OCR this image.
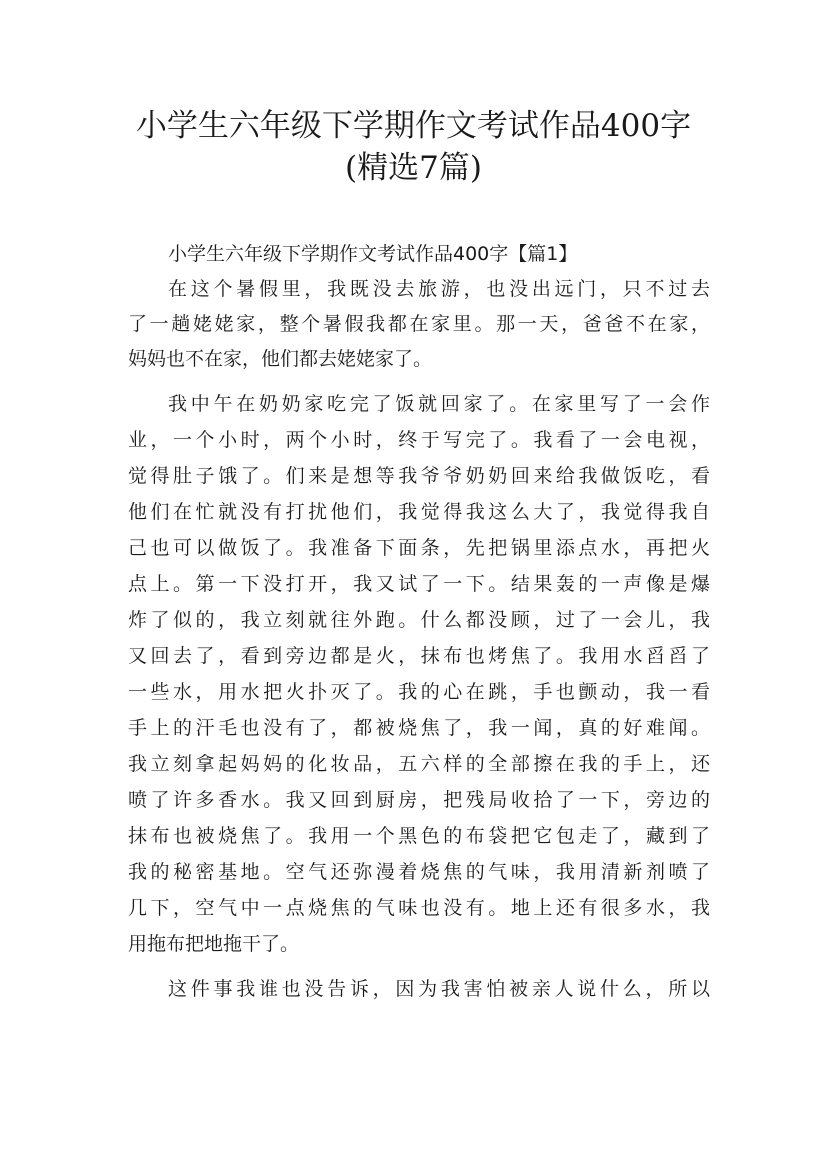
小学生六年级下学期作文考试作品400字
(精选7篇)
小学生六年级下学期作文考试作品400字【篇1】
在这个暑假里，我既没去旅游，也没出远门，只不过去
了一趟姥姥家，整个暑假我都在家里。那一天，爸爸不在家，
妈妈也不在家，他们都去姥姥家了。
我中午在奶奶家吃完了饭就回家了。在家里写了一会作
业，一个小时，两个小时，终于写完了。我看了一会电视，
觉得肚子饿了。们来是想等我爷爷奶奶回来给我做饭吃，看
他们在忙就没有打扰他们，我觉得我这么大了，我觉得我自
己也可以做饭了。我准备下面条，先把锅里添点水，再把火
点上。第一下没打开，我又试了一下。结果轰的一声像是爆
炸了似的，我立刻就往外跑。什么都没顾，过了一会儿，我
又回去了，看到旁边都是火，抹布也烤焦了。我用水舀舀了
一些水，用水把火扑灭了。我的心在跳，手也颤动，我一看
手上的汗毛也没有了，都被烧焦了，我一闻，真的好难闻。
我立刻拿起妈妈的化妆品，五六样的全部擦在我的手上，还
喷了许多香水。我又回到厨房，把残局收拾了一下，旁边的
抹布也被烧焦了。我用一个黑色的布袋把它包走了，藏到了
我的秘密基地。空气还弥漫着烧焦的气味，我用清新剂喷了
几下，空气中一点烧焦的气味也没有。地上还有很多水，我
用拖布把地拖干了。
这件事我谁也没告诉，因为我害怕被亲人说什么，所以
